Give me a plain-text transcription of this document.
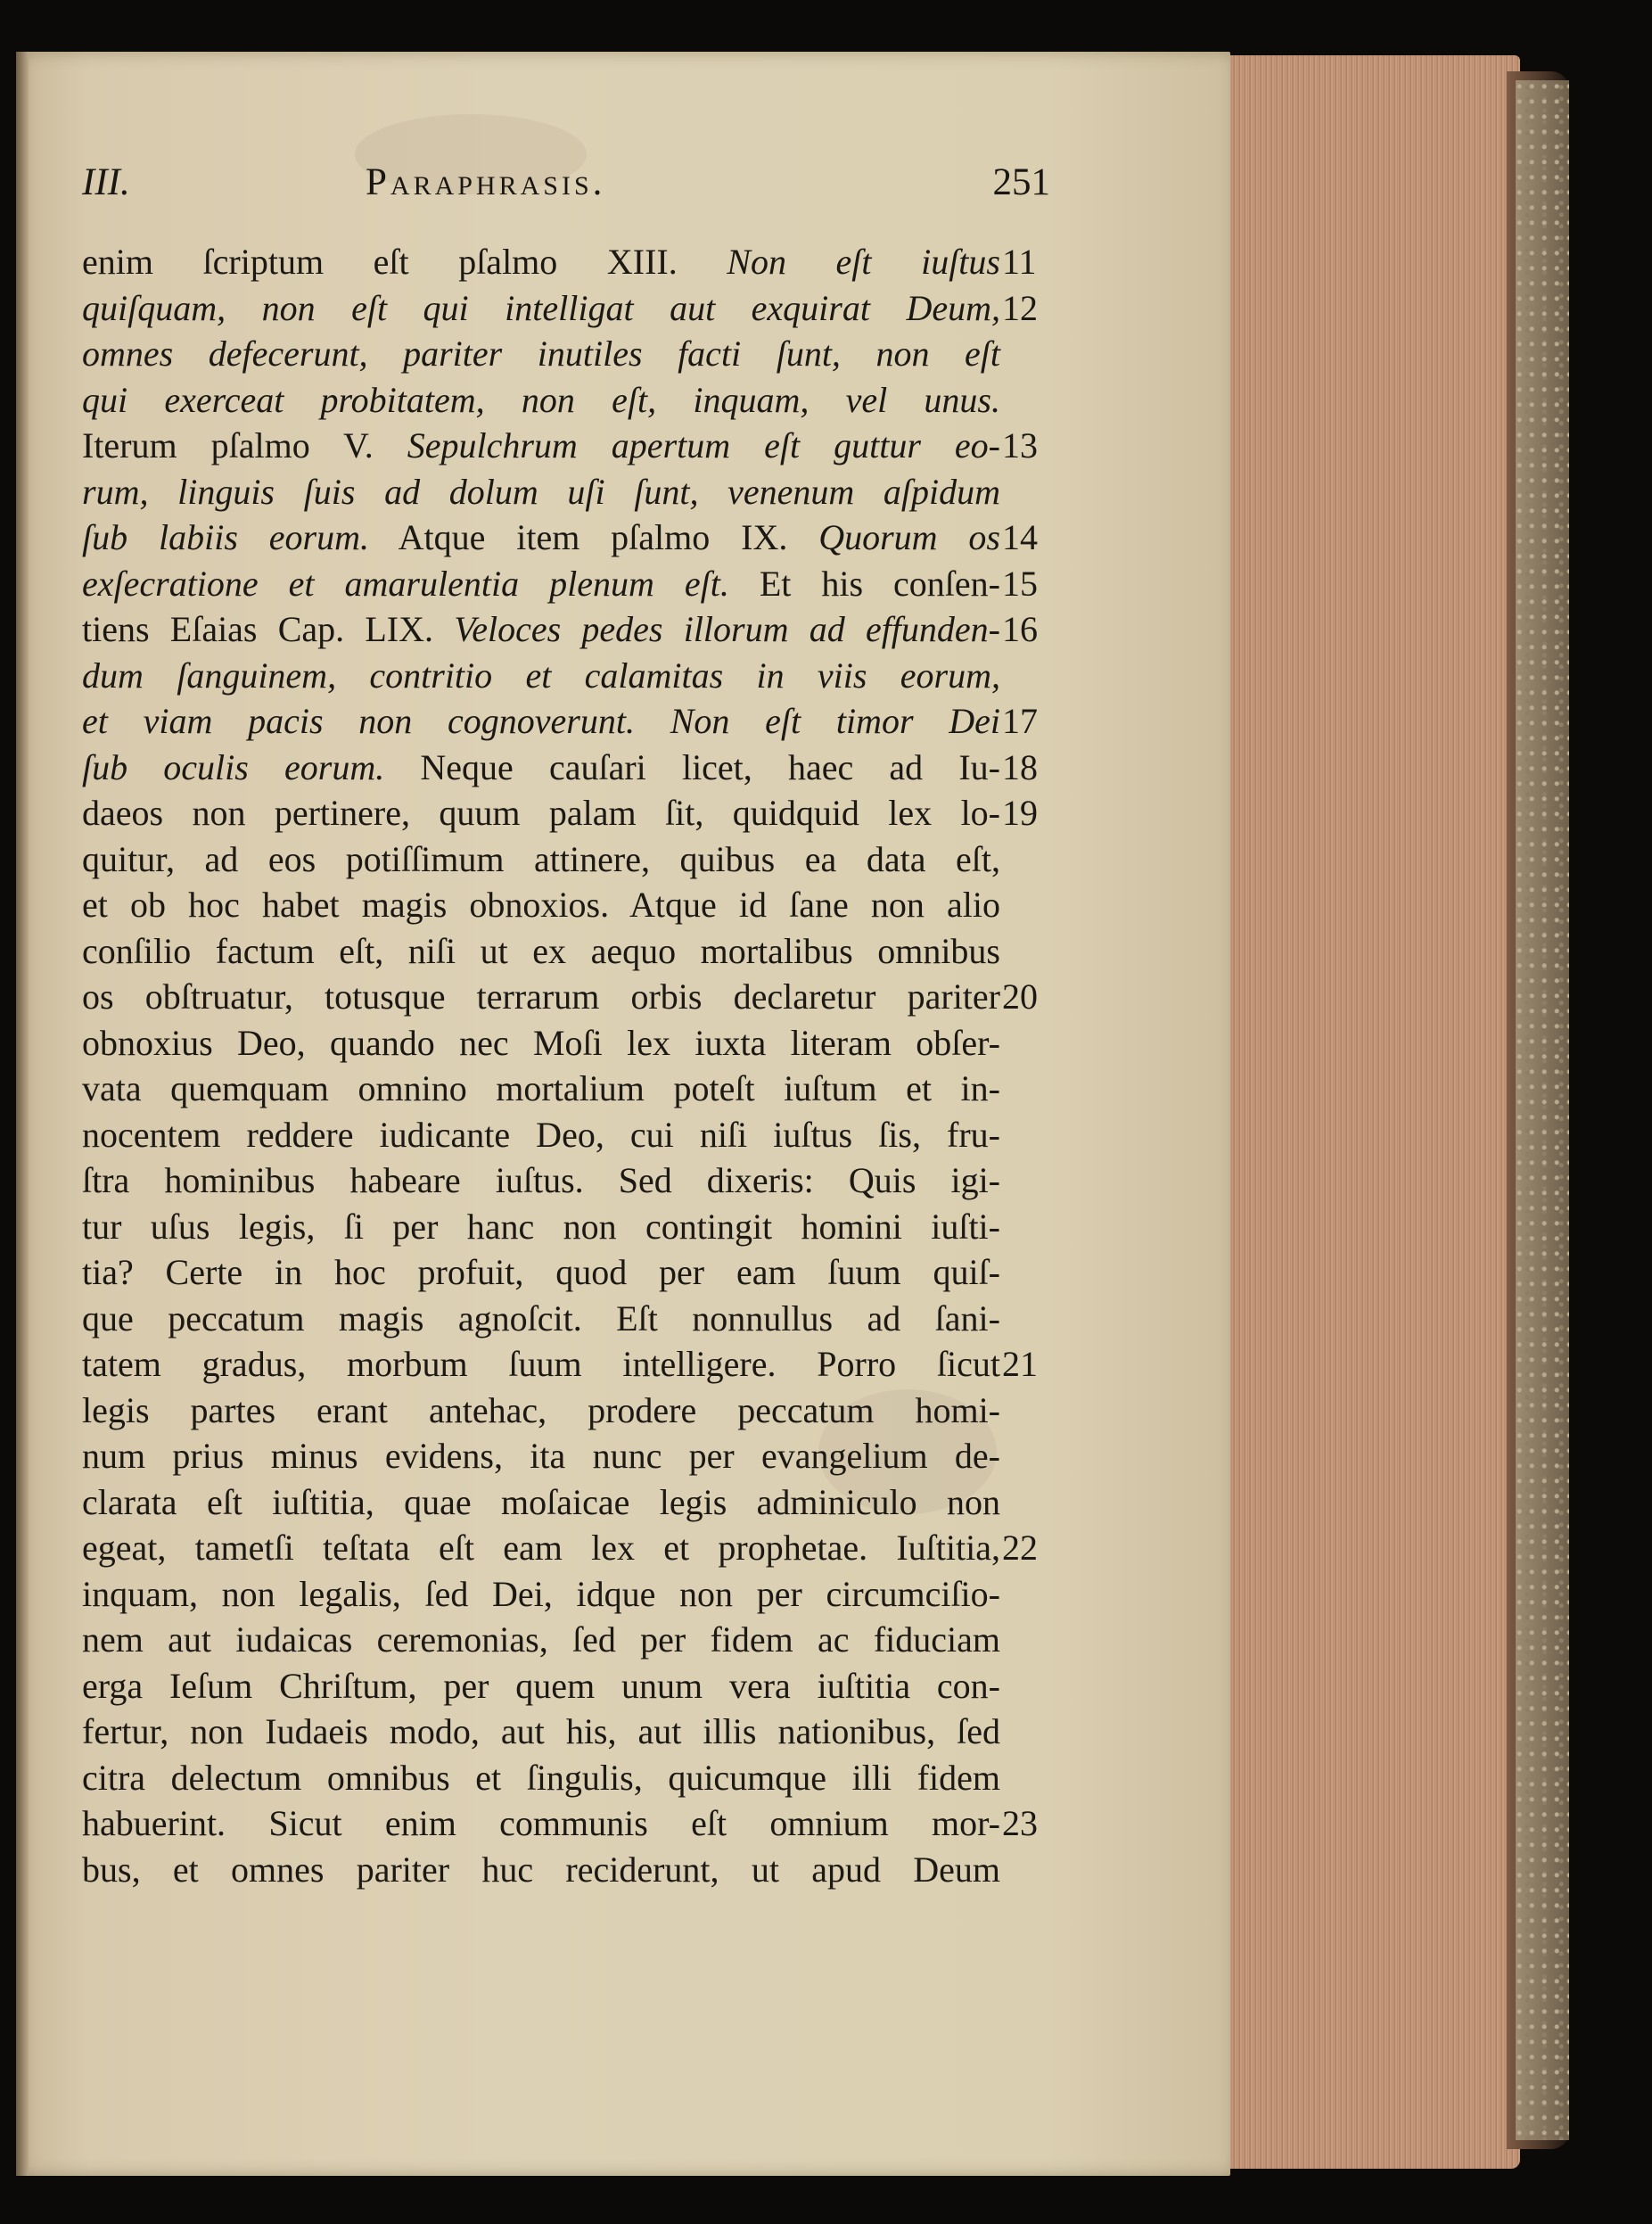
III.	Paraphrasis.	251
enim ſcriptum eſt pſalmo XIII. Non eſt iuſtus
quiſquam, non eſt qui intelligat aut exquirat Deum,
omnes defecerunt, pariter inutiles facti ſunt, non eſt
qui exerceat probitatem, non eſt, inquam, vel unus.
Iterum pſalmo V. Sepulchrum apertum eſt guttur eo-
rum, linguis ſuis ad dolum uſi ſunt, venenum aſpidum
ſub labiis eorum. Atque item pſalmo IX. Quorum os
exſecratione et amarulentia plenum eſt. Et his conſen-
tiens Eſaias Cap. LIX. Veloces pedes illorum ad effunden-
dum ſanguinem, contritio et calamitas in viis eorum,
et viam pacis non cognoverunt. Non eſt timor Dei
ſub oculis eorum. Neque cauſari licet, haec ad Iu-
daeos non pertinere, quum palam ſit, quidquid lex lo-
quitur, ad eos potiſſimum attinere, quibus ea data eſt,
et ob hoc habet magis obnoxios. Atque id ſane non alio
conſilio factum eſt, niſi ut ex aequo mortalibus omnibus
os obſtruatur, totusque terrarum orbis declaretur pariter
obnoxius Deo, quando nec Moſi lex iuxta literam obſer-
vata quemquam omnino mortalium poteſt iuſtum et in-
nocentem reddere iudicante Deo, cui niſi iuſtus ſis, fru-
ſtra hominibus habeare iuſtus. Sed dixeris: Quis igi-
tur uſus legis, ſi per hanc non contingit homini iuſti-
tia? Certe in hoc profuit, quod per eam ſuum quiſ-
que peccatum magis agnoſcit. Eſt nonnullus ad ſani-
tatem gradus, morbum ſuum intelligere. Porro ſicut
legis partes erant antehac, prodere peccatum homi-
num prius minus evidens, ita nunc per evangelium de-
clarata eſt iuſtitia, quae moſaicae legis adminiculo non
egeat, tametſi teſtata eſt eam lex et prophetae. Iuſtitia,
inquam, non legalis, ſed Dei, idque non per circumciſio-
nem aut iudaicas ceremonias, ſed per fidem ac fiduciam
erga Ieſum Chriſtum, per quem unum vera iuſtitia con-
fertur, non Iudaeis modo, aut his, aut illis nationibus, ſed
citra delectum omnibus et ſingulis, quicumque illi fidem
habuerint. Sicut enim communis eſt omnium mor-
bus, et omnes pariter huc reciderunt, ut apud Deum
11
12
13
14
15
16
17
18
19
20
21
22
23
